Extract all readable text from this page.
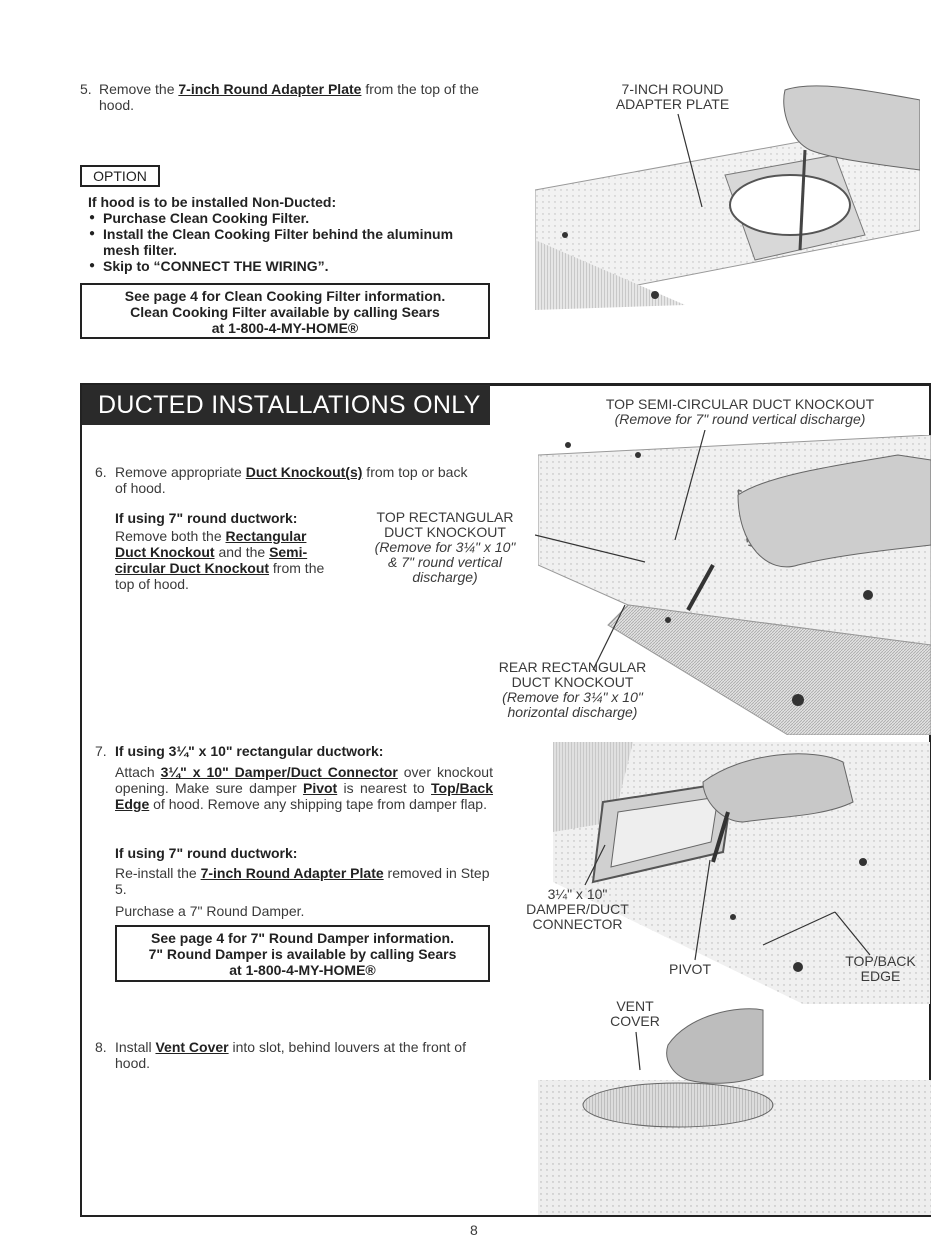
5. Remove the 7-inch Round Adapter Plate from the top of the hood.
OPTION
If hood is to be installed Non-Ducted:
● Purchase Clean Cooking Filter.
● Install the Clean Cooking Filter behind the aluminum mesh filter.
● Skip to “CONNECT THE WIRING”.
See page 4 for Clean Cooking Filter information.
Clean Cooking Filter available by calling Sears
at 1-800-4-MY-HOME®
7-INCH ROUND
ADAPTER PLATE
DUCTED INSTALLATIONS ONLY	TOP SEMI-CIRCULAR DUCT KNOCKOUT
(Remove for 7" round vertical discharge)
TOP RECTANGULAR
DUCT KNOCKOUT
(Remove for 3¼" x 10"
& 7" round vertical
discharge)
REAR RECTANGULAR
DUCT KNOCKOUT
(Remove for 3¼" x 10"
horizontal discharge)
6. Remove appropriate Duct Knockout(s) from top or back of hood.
If using 7" round ductwork:
Remove both the Rectangular Duct Knockout and the Semi-circular Duct Knockout from the top of hood.
7. If using 3¼" x 10" rectangular ductwork:
Attach 3¼" x 10" Damper/Duct Connector over knockout opening. Make sure damper Pivot is nearest to Top/Back Edge of hood. Remove any shipping tape from damper flap.
If using 7" round ductwork:
Re-install the 7-inch Round Adapter Plate removed in Step 5.
Purchase a 7" Round Damper.
See page 4 for 7" Round Damper information.
7" Round Damper is available by calling Sears
at 1-800-4-MY-HOME®
3¼" x 10"
DAMPER/DUCT
CONNECTOR
PIVOT	TOP/BACK
EDGE
8. Install Vent Cover into slot, behind louvers at the front of hood.
VENT
COVER
8
